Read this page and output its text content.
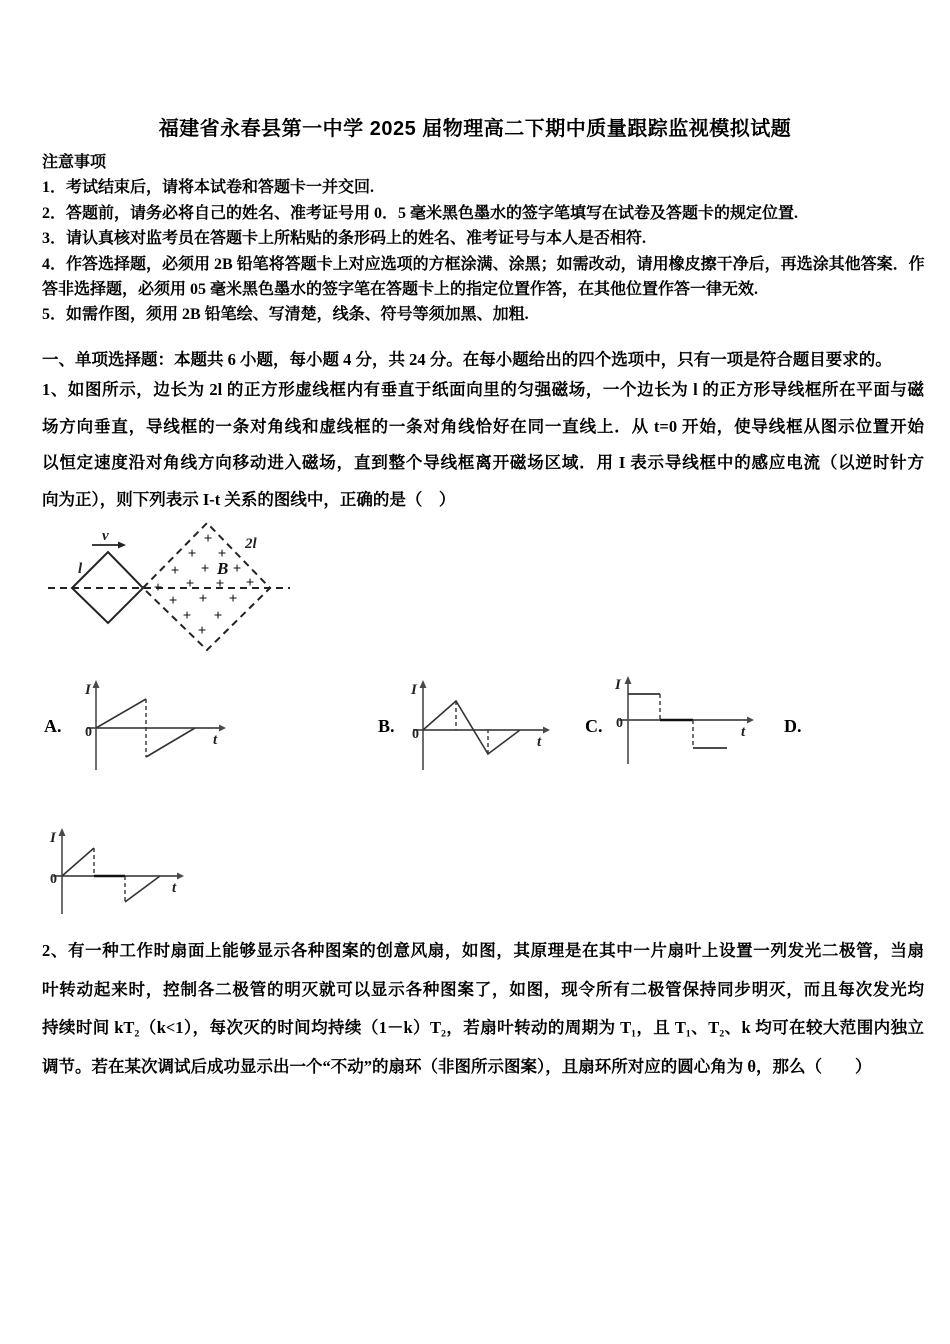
福建省永春县第一中学 2025 届物理高二下期中质量跟踪监视模拟试题
注意事项
1．考试结束后，请将本试卷和答题卡一并交回.
2．答题前，请务必将自己的姓名、准考证号用 0．5 毫米黑色墨水的签字笔填写在试卷及答题卡的规定位置.
3．请认真核对监考员在答题卡上所粘贴的条形码上的姓名、准考证号与本人是否相符.
4．作答选择题，必须用 2B 铅笔将答题卡上对应选项的方框涂满、涂黑；如需改动，请用橡皮擦干净后，再选涂其他答案．作答非选择题，必须用 05 毫米黑色墨水的签字笔在答题卡上的指定位置作答，在其他位置作答一律无效.
5．如需作图，须用 2B 铅笔绘、写清楚，线条、符号等须加黑、加粗.
一、单项选择题：本题共 6 小题，每小题 4 分，共 24 分。在每小题给出的四个选项中，只有一项是符合题目要求的。
1、如图所示，边长为 2l 的正方形虚线框内有垂直于纸面向里的匀强磁场，一个边长为 l 的正方形导线框所在平面与磁
场方向垂直，导线框的一条对角线和虚线框的一条对角线恰好在同一直线上．从 t=0 开始，使导线框从图示位置开始
以恒定速度沿对角线方向移动进入磁场，直到整个导线框离开磁场区域．用 I 表示导线框中的感应电流（以逆时针方
向为正），则下列表示 I-t 关系的图线中，正确的是（　）
v
l
2l
B
+
+ +
+ + +
+ + + +
+ + +
+ +
+
A.
I
0	t
B.
I
0	t
C.
I
0
t D.
I
0
t
2、有一种工作时扇面上能够显示各种图案的创意风扇，如图，其原理是在其中一片扇叶上设置一列发光二极管，当扇
叶转动起来时，控制各二极管的明灭就可以显示各种图案了，如图，现令所有二极管保持同步明灭，而且每次发光均
持续时间 kT₂（k<1），每次灭的时间均持续（1－k）T₂，若扇叶转动的周期为 T₁，且 T₁、T₂、k 均可在较大范围内独立
调节。若在某次调试后成功显示出一个“不动”的扇环（非图所示图案），且扇环所对应的圆心角为 θ，那么（　　）
